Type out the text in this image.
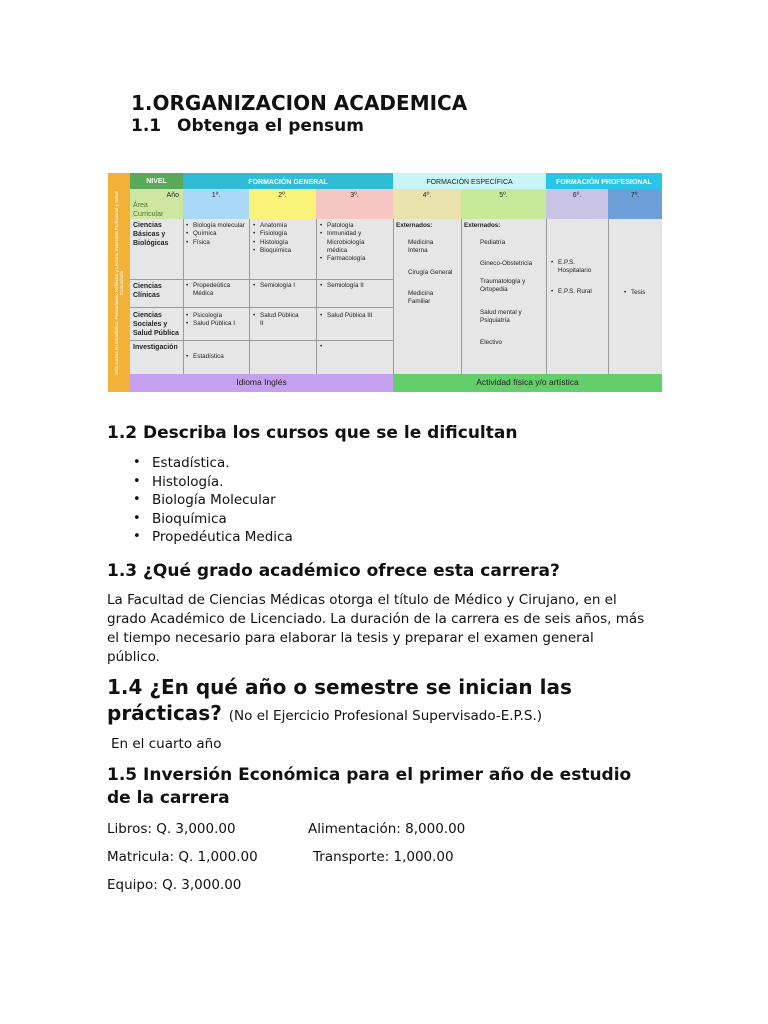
1.ORGANIZACION ACADEMICA
1.1 Obtenga el pensum
Más cursos en Estadística, Pensamiento Reflexivo y Lectura, Inmersión Profesional y Salud Comunitaria
NIVEL	FORMACIÓN GENERAL	FORMACIÓN ESPECÍFICA	FORMACIÓN PROFESIONAL
Año
Área Curricular
1º.	2º.	3º.	4º.	5º.	6º.	7º.
Ciencias Básicas y Biológicas
Ciencias Clínicas
Ciencias Sociales y Salud Pública
Investigación
• Biología molecular
• Química
• Física
• Propedeútica Médica
• Psicología
• Salud Pública I
• Estadística
• Anatomía
• Fisiología
• Histología
• Bioquímica
• Semiología I
• Salud Pública II
• Patología
• Inmunidad y Microbiología médica
• Farmacología
• Semiología II
• Salud Pública III
Externados:
Medicina Interna
Cirugía General
Medicina Familiar
Externados:
Pediatría
Gineco-Obstetricia
Traumatología y Ortopedia
Salud mental y Psiquiatría
Electivo
• E.P.S. Hospitalario
• E.P.S. Rural
•	Tesis
Idioma Inglés	Actividad física y/o artística
1.2 Describa los cursos que se le dificultan
• Estadística.
• Histología.
• Biología Molecular
• Bioquímica
• Propedéutica Medica
1.3 ¿Qué grado académico ofrece esta carrera?
La Facultad de Ciencias Médicas otorga el título de Médico y Cirujano, en el
grado Académico de Licenciado. La duración de la carrera es de seis años, más
el tiempo necesario para elaborar la tesis y preparar el examen general
público.
1.4 ¿En qué año o semestre se inician las
prácticas? (No el Ejercicio Profesional Supervisado-E.P.S.)
En el cuarto año
1.5 Inversión Económica para el primer año de estudio
de la carrera
Libros: Q. 3,000.00	Alimentación: 8,000.00
Matricula: Q. 1,000.00	Transporte: 1,000.00
Equipo: Q. 3,000.00
